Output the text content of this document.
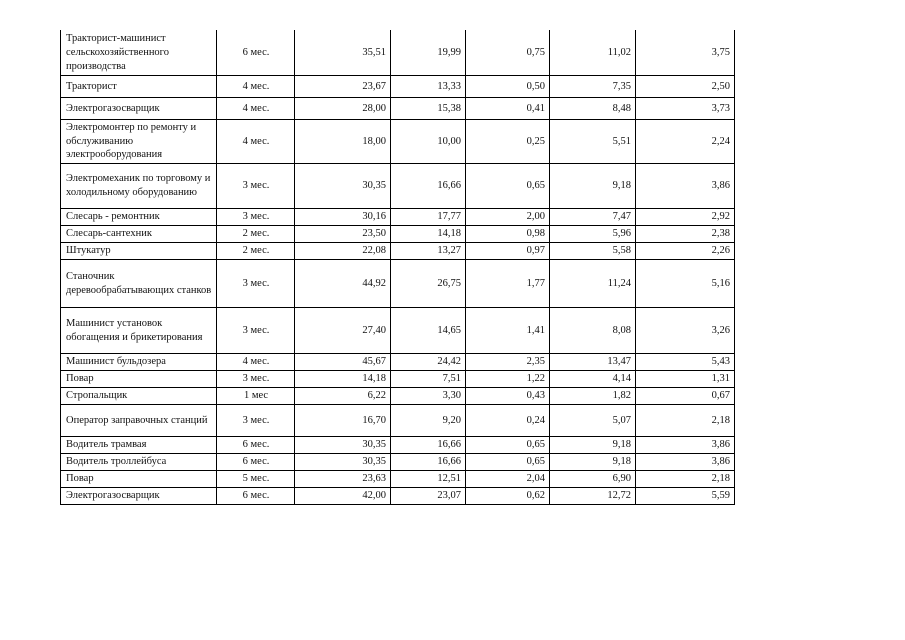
Тракторист-машинист сельскохозяйственного производства	6 мес.	35,51	19,99	0,75	11,02	3,75
Тракторист	4 мес.	23,67	13,33	0,50	7,35	2,50
Электрогазосварщик	4 мес.	28,00	15,38	0,41	8,48	3,73
Электромонтер по ремонту и обслуживанию электрооборудования	4 мес.	18,00	10,00	0,25	5,51	2,24
Электромеханик по торговому и холодильному оборудованию	3 мес.	30,35	16,66	0,65	9,18	3,86
Слесарь - ремонтник	3 мес.	30,16	17,77	2,00	7,47	2,92
Слесарь-сантехник	2 мес.	23,50	14,18	0,98	5,96	2,38
Штукатур	2 мес.	22,08	13,27	0,97	5,58	2,26
Станочник деревообрабатывающих станков	3 мес.	44,92	26,75	1,77	11,24	5,16
Машинист установок обогащения и брикетирования	3 мес.	27,40	14,65	1,41	8,08	3,26
Машинист бульдозера	4 мес.	45,67	24,42	2,35	13,47	5,43
Повар	3 мес.	14,18	7,51	1,22	4,14	1,31
Стропальщик	1 мес	6,22	3,30	0,43	1,82	0,67
Оператор заправочных станций	3 мес.	16,70	9,20	0,24	5,07	2,18
Водитель трамвая	6 мес.	30,35	16,66	0,65	9,18	3,86
Водитель троллейбуса	6 мес.	30,35	16,66	0,65	9,18	3,86
Повар	5 мес.	23,63	12,51	2,04	6,90	2,18
Электрогазосварщик	6 мес.	42,00	23,07	0,62	12,72	5,59
